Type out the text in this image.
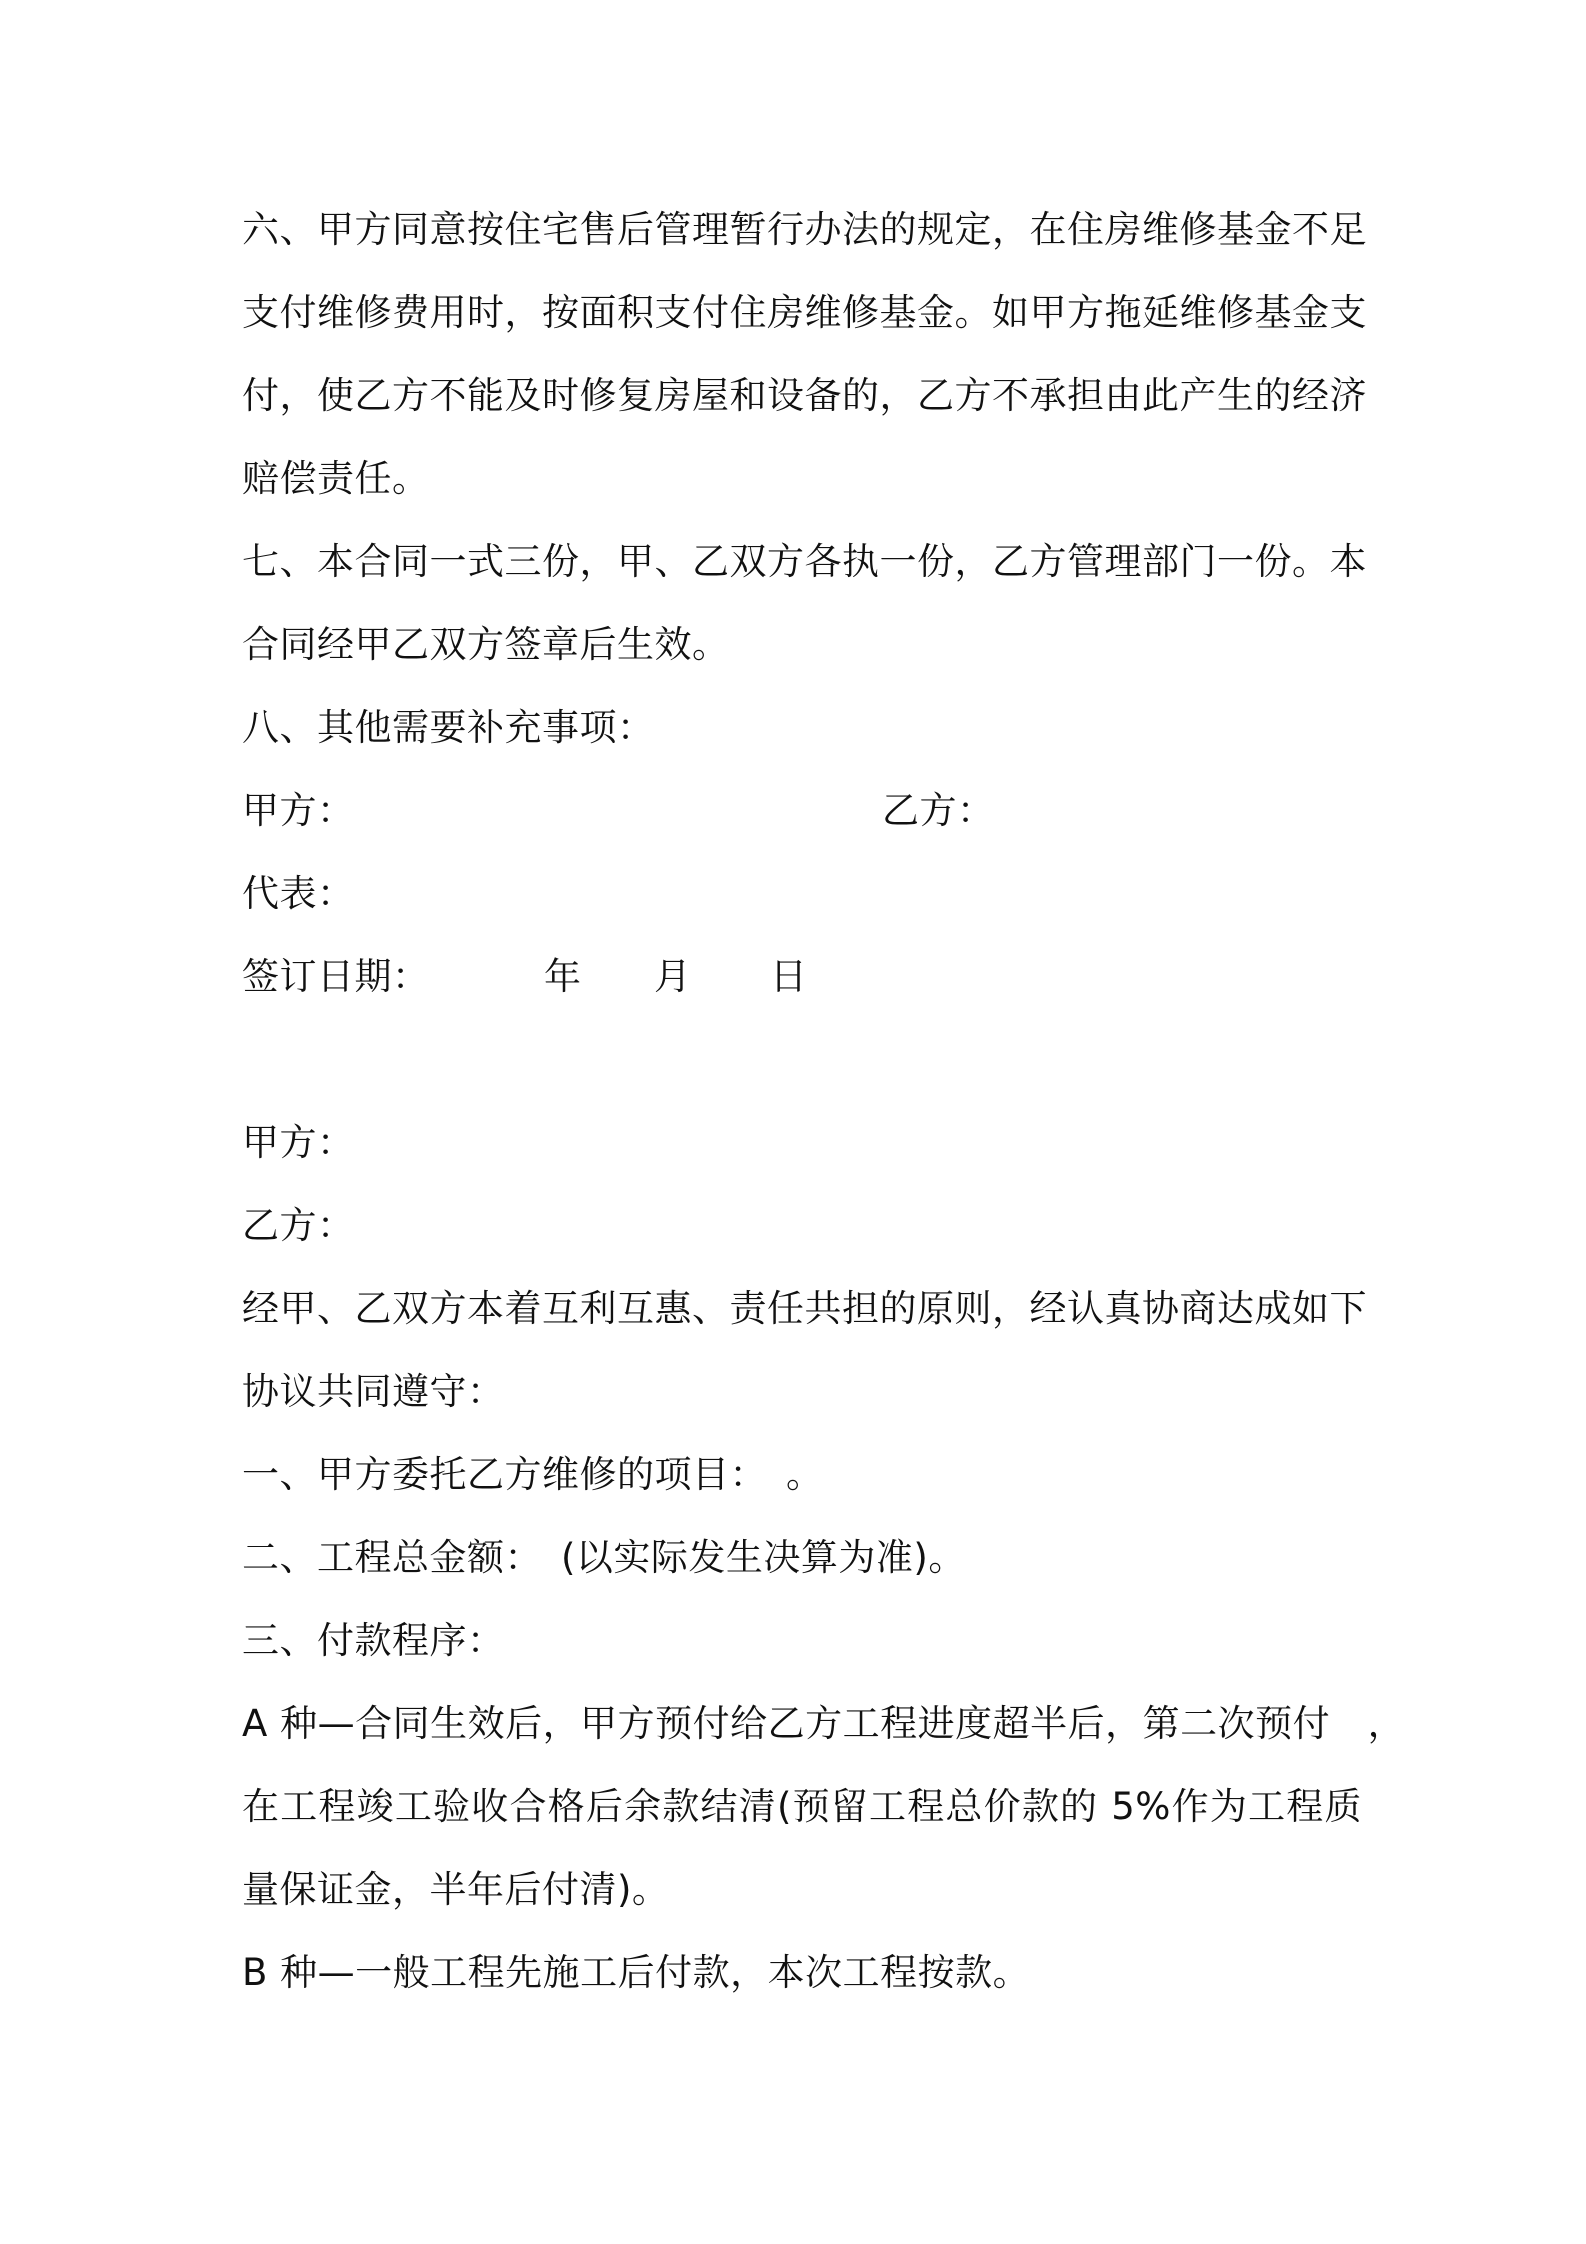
六、甲方同意按住宅售后管理暂行办法的规定，在住房维修基金不足
支付维修费用时，按面积支付住房维修基金。如甲方拖延维修基金支
付，使乙方不能及时修复房屋和设备的，乙方不承担由此产生的经济
赔偿责任。
七、本合同一式三份，甲、乙双方各执一份，乙方管理部门一份。本
合同经甲乙双方签章后生效。
八、其他需要补充事项：
甲方：	乙方：
代表：
签订日期：	年	月	日
甲方：
乙方：
经甲、乙双方本着互利互惠、责任共担的原则，经认真协商达成如下
协议共同遵守：
一、甲方委托乙方维修的项目：　。
二、工程总金额：　(以实际发生决算为准)。
三、付款程序：
A 种—合同生效后，甲方预付给乙方工程进度超半后，第二次预付　，
在工程竣工验收合格后余款结清(预留工程总价款的 5%作为工程质
量保证金，半年后付清)。
B 种—一般工程先施工后付款，本次工程按款。
